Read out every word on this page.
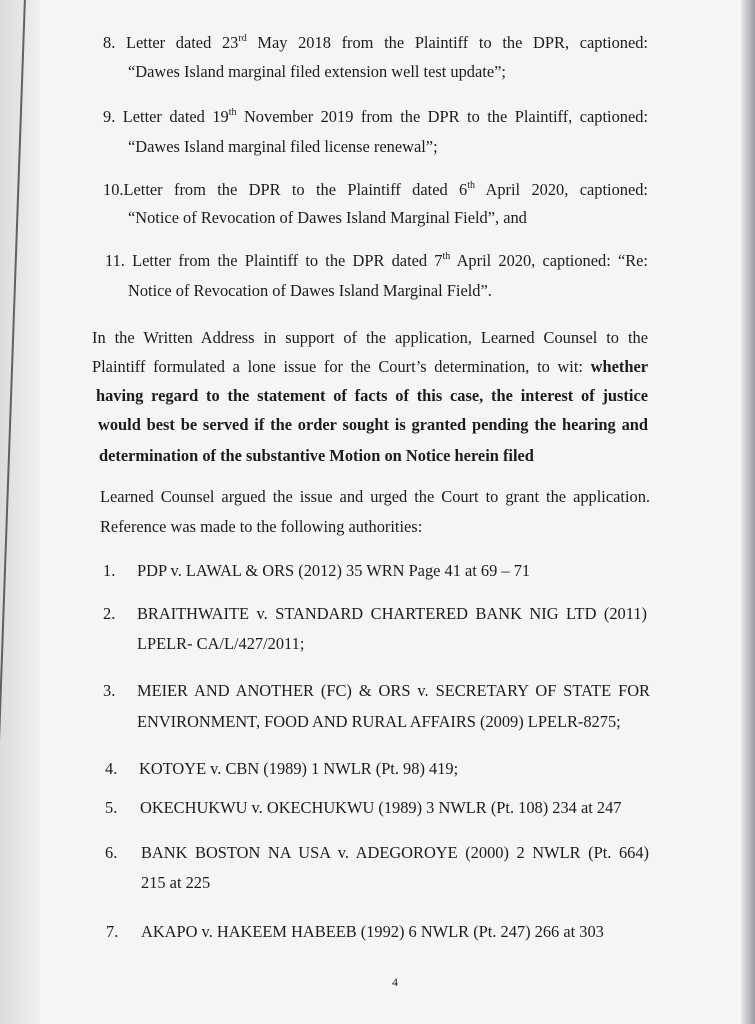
8. Letter dated 23rd May 2018 from the Plaintiff to the DPR, captioned:
“Dawes Island marginal filed extension well test update”;
9. Letter dated 19th November 2019 from the DPR to the Plaintiff, captioned:
“Dawes Island marginal filed license renewal”;
10.Letter from the DPR to the Plaintiff dated 6th April 2020, captioned:
“Notice of Revocation of Dawes Island Marginal Field”, and
11. Letter from the Plaintiff to the DPR dated 7th April 2020, captioned: “Re:
Notice of Revocation of Dawes Island Marginal Field”.
In the Written Address in support of the application, Learned Counsel to the
Plaintiff formulated a lone issue for the Court’s determination, to wit: whether
having regard to the statement of facts of this case, the interest of justice
would best be served if the order sought is granted pending the hearing and
determination of the substantive Motion on Notice herein filed
Learned Counsel argued the issue and urged the Court to grant the application.
Reference was made to the following authorities:
1. PDP v. LAWAL & ORS (2012) 35 WRN Page 41 at 69 – 71
2. BRAITHWAITE v. STANDARD CHARTERED BANK NIG LTD (2011)
LPELR- CA/L/427/2011;
3. MEIER AND ANOTHER (FC) & ORS v. SECRETARY OF STATE FOR
ENVIRONMENT, FOOD AND RURAL AFFAIRS (2009) LPELR-8275;
4. KOTOYE v. CBN (1989) 1 NWLR (Pt. 98) 419;
5. OKECHUKWU v. OKECHUKWU (1989) 3 NWLR (Pt. 108) 234 at 247
6. BANK BOSTON NA USA v. ADEGOROYE (2000) 2 NWLR (Pt. 664)
215 at 225
7. AKAPO v. HAKEEM HABEEB (1992) 6 NWLR (Pt. 247) 266 at 303
4
